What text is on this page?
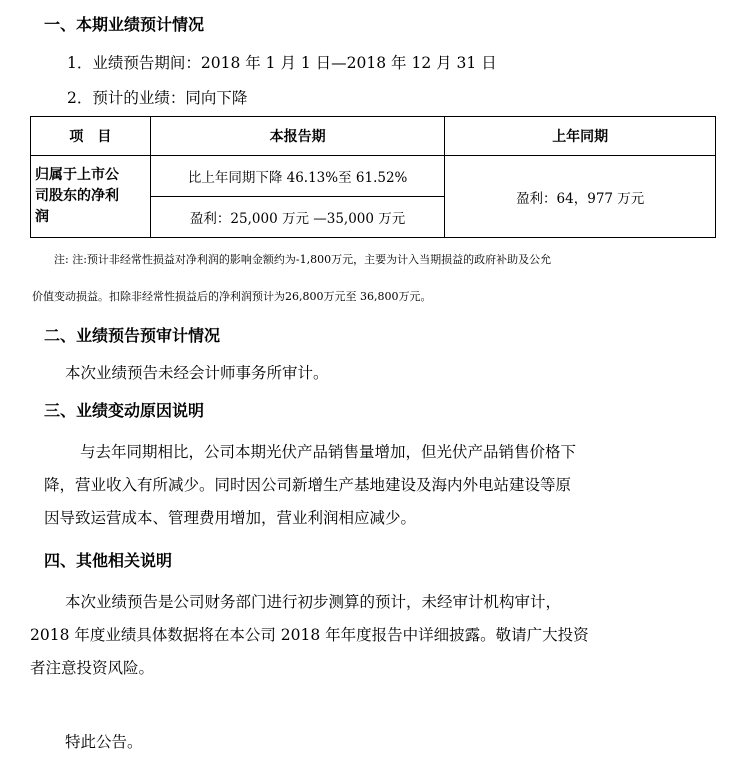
一、本期业绩预计情况
1．业绩预告期间：2018 年 1 月 1 日—2018 年 12 月 31 日
2．预计的业绩：同向下降
项　目	本报告期	上年同期

归属于上市公
司股东的净利
润	比上年同期下降 46.13%至 61.52%	盈利：64，977 万元
	盈利：25,000 万元 —35,000 万元	
注: 注:预计非经常性损益对净利润的影响金额约为-1,800万元，主要为计入当期损益的政府补助及公允
价值变动损益。扣除非经常性损益后的净利润预计为26,800万元至 36,800万元。
二、业绩预告预审计情况
本次业绩预告未经会计师事务所审计。
三、业绩变动原因说明
与去年同期相比，公司本期光伏产品销售量增加，但光伏产品销售价格下
降，营业收入有所减少。同时因公司新增生产基地建设及海内外电站建设等原
因导致运营成本、管理费用增加，营业利润相应减少。
四、其他相关说明
本次业绩预告是公司财务部门进行初步测算的预计，未经审计机构审计，
2018 年度业绩具体数据将在本公司 2018 年年度报告中详细披露。敬请广大投资
者注意投资风险。
特此公告。
